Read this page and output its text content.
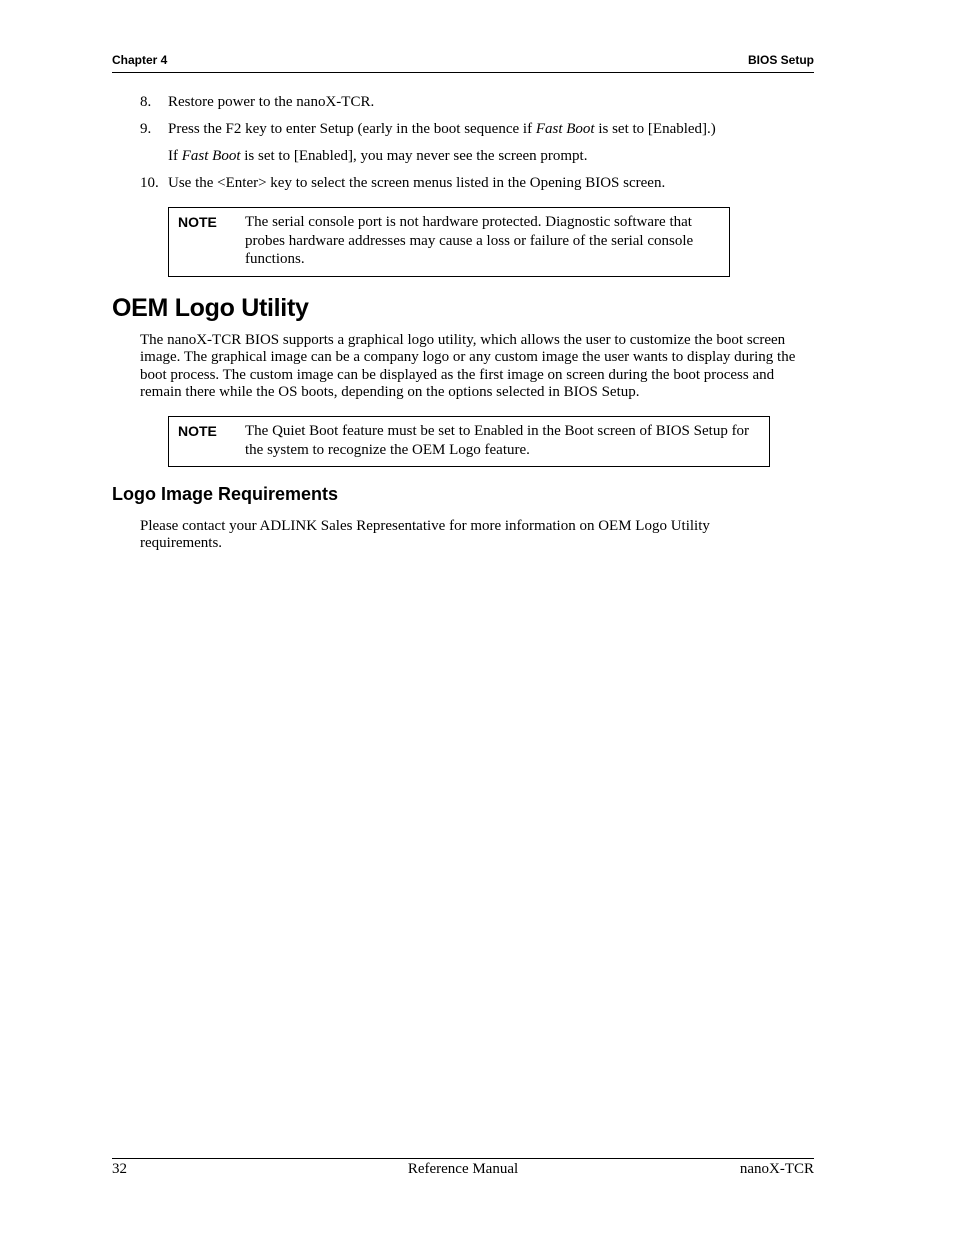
Chapter 4	BIOS Setup
8. Restore power to the nanoX-TCR.
9. Press the F2 key to enter Setup (early in the boot sequence if Fast Boot is set to [Enabled].)
If Fast Boot is set to [Enabled], you may never see the screen prompt.
10. Use the <Enter> key to select the screen menus listed in the Opening BIOS screen.
NOTE The serial console port is not hardware protected. Diagnostic software that probes hardware addresses may cause a loss or failure of the serial console functions.
OEM Logo Utility

The nanoX-TCR BIOS supports a graphical logo utility, which allows the user to customize the boot screen image. The graphical image can be a company logo or any custom image the user wants to display during the boot process. The custom image can be displayed as the first image on screen during the boot process and remain there while the OS boots, depending on the options selected in BIOS Setup.

NOTE The Quiet Boot feature must be set to Enabled in the Boot screen of BIOS Setup for the system to recognize the OEM Logo feature.
Logo Image Requirements

Please contact your ADLINK Sales Representative for more information on OEM Logo Utility requirements.

32	Reference Manual	nanoX-TCR
